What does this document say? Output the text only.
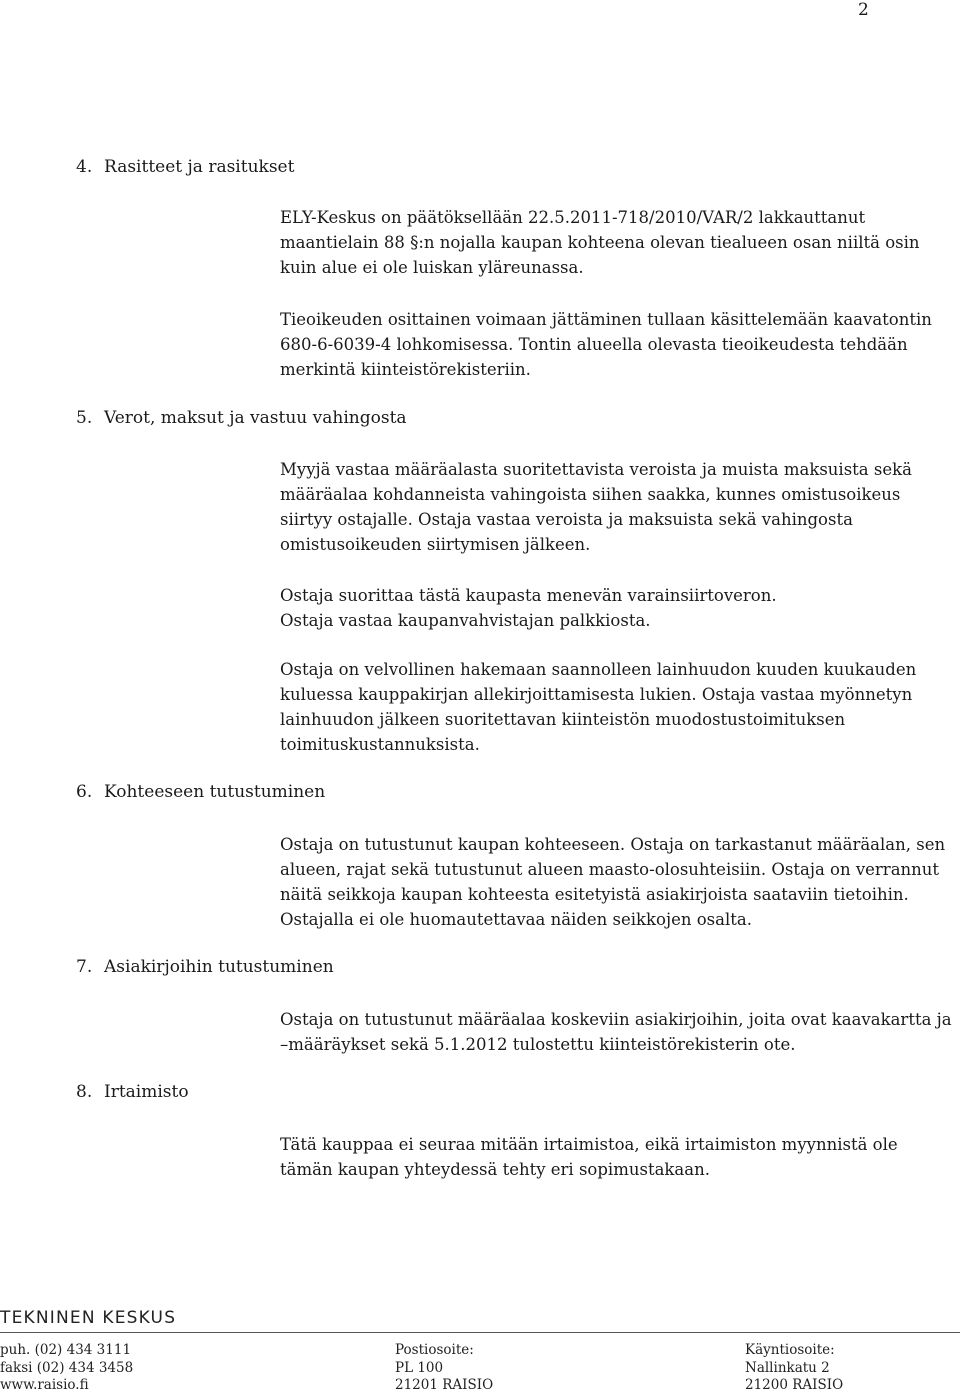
2
4. Rasitteet ja rasitukset
5. Verot, maksut ja vastuu vahingosta
6. Kohteeseen tutustuminen
7. Asiakirjoihin tutustuminen
8. Irtaimisto
ELY-Keskus on päätöksellään 22.5.2011-718/2010/VAR/2 lakkauttanut
maantielain 88 §:n nojalla kaupan kohteena olevan tiealueen osan niiltä osin
kuin alue ei ole luiskan yläreunassa.
Tieoikeuden osittainen voimaan jättäminen tullaan käsittelemään kaavatontin
680-6-6039-4 lohkomisessa. Tontin alueella olevasta tieoikeudesta tehdään
merkintä kiinteistörekisteriin.
Myyjä vastaa määräalasta suoritettavista veroista ja muista maksuista sekä
määräalaa kohdanneista vahingoista siihen saakka, kunnes omistusoikeus
siirtyy ostajalle. Ostaja vastaa veroista ja maksuista sekä vahingosta
omistusoikeuden siirtymisen jälkeen.
Ostaja suorittaa tästä kaupasta menevän varainsiirtoveron.
Ostaja vastaa kaupanvahvistajan palkkiosta.
Ostaja on velvollinen hakemaan saannolleen lainhuudon kuuden kuukauden
kuluessa kauppakirjan allekirjoittamisesta lukien. Ostaja vastaa myönnetyn
lainhuudon jälkeen suoritettavan kiinteistön muodostustoimituksen
toimituskustannuksista.
Ostaja on tutustunut kaupan kohteeseen. Ostaja on tarkastanut määräalan, sen
alueen, rajat sekä tutustunut alueen maasto-olosuhteisiin. Ostaja on verrannut
näitä seikkoja kaupan kohteesta esitetyistä asiakirjoista saataviin tietoihin.
Ostajalla ei ole huomautettavaa näiden seikkojen osalta.
Ostaja on tutustunut määräalaa koskeviin asiakirjoihin, joita ovat kaavakartta ja
–määräykset sekä 5.1.2012 tulostettu kiinteistörekisterin ote.
Tätä kauppaa ei seuraa mitään irtaimistoa, eikä irtaimiston myynnistä ole
tämän kaupan yhteydessä tehty eri sopimustakaan.
TEKNINEN KESKUS
puh. (02) 434 3111
faksi (02) 434 3458
www.raisio.fi
Postiosoite:
PL 100
21201 RAISIO
Käyntiosoite:
Nallinkatu 2
21200 RAISIO
